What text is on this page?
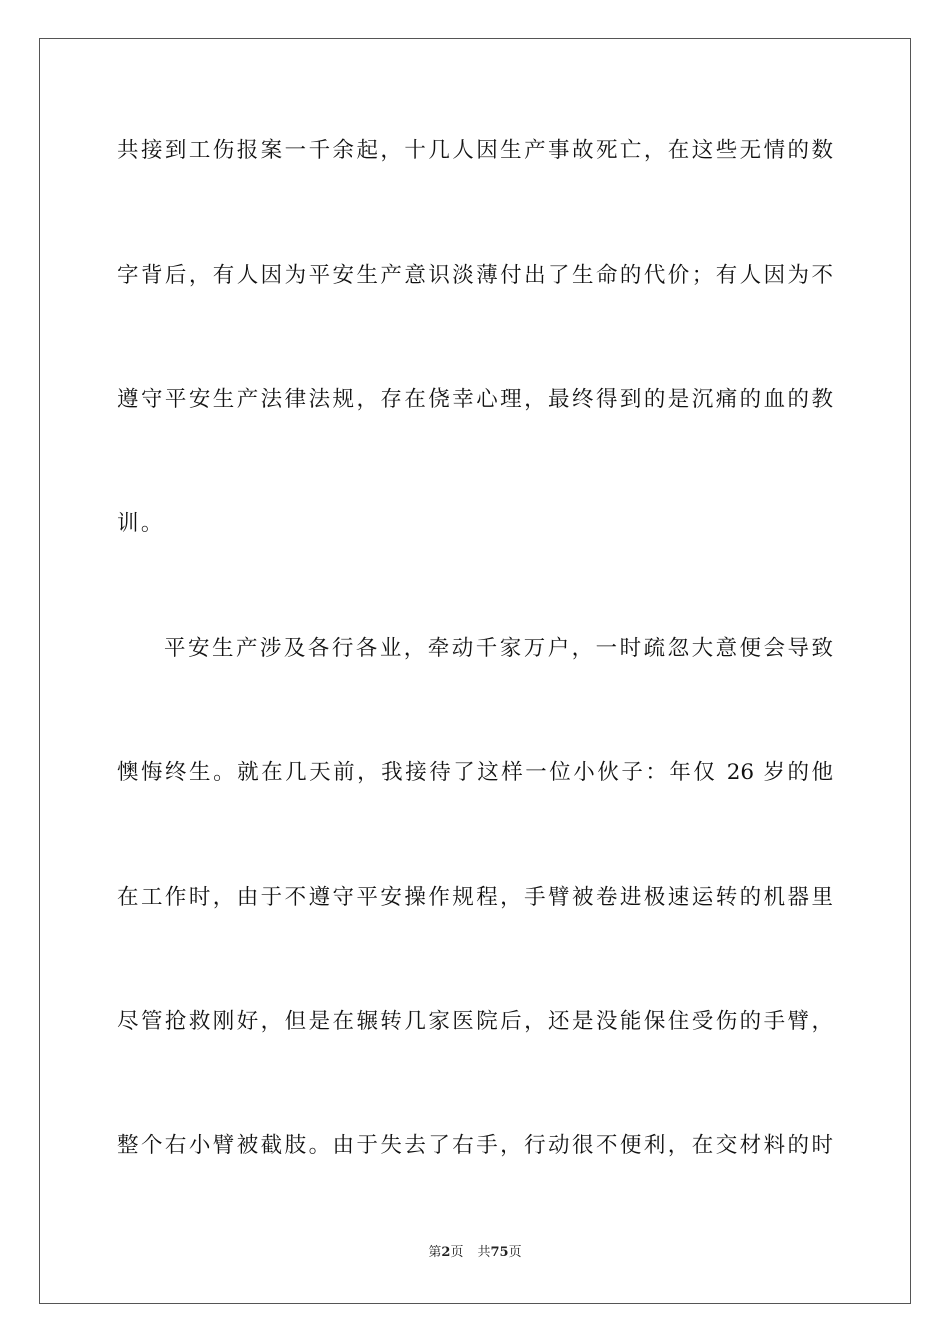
共接到工伤报案一千余起，十几人因生产事故死亡，在这些无情的数
字背后，有人因为平安生产意识淡薄付出了生命的代价；有人因为不
遵守平安生产法律法规，存在侥幸心理，最终得到的是沉痛的血的教
训。
平安生产涉及各行各业，牵动千家万户，一时疏忽大意便会导致
懊悔终生。就在几天前，我接待了这样一位小伙子：年仅 26 岁的他
在工作时，由于不遵守平安操作规程，手臂被卷进极速运转的机器里
尽管抢救刚好，但是在辗转几家医院后，还是没能保住受伤的手臂，
整个右小臂被截肢。由于失去了右手，行动很不便利，在交材料的时
第2页 共75页
